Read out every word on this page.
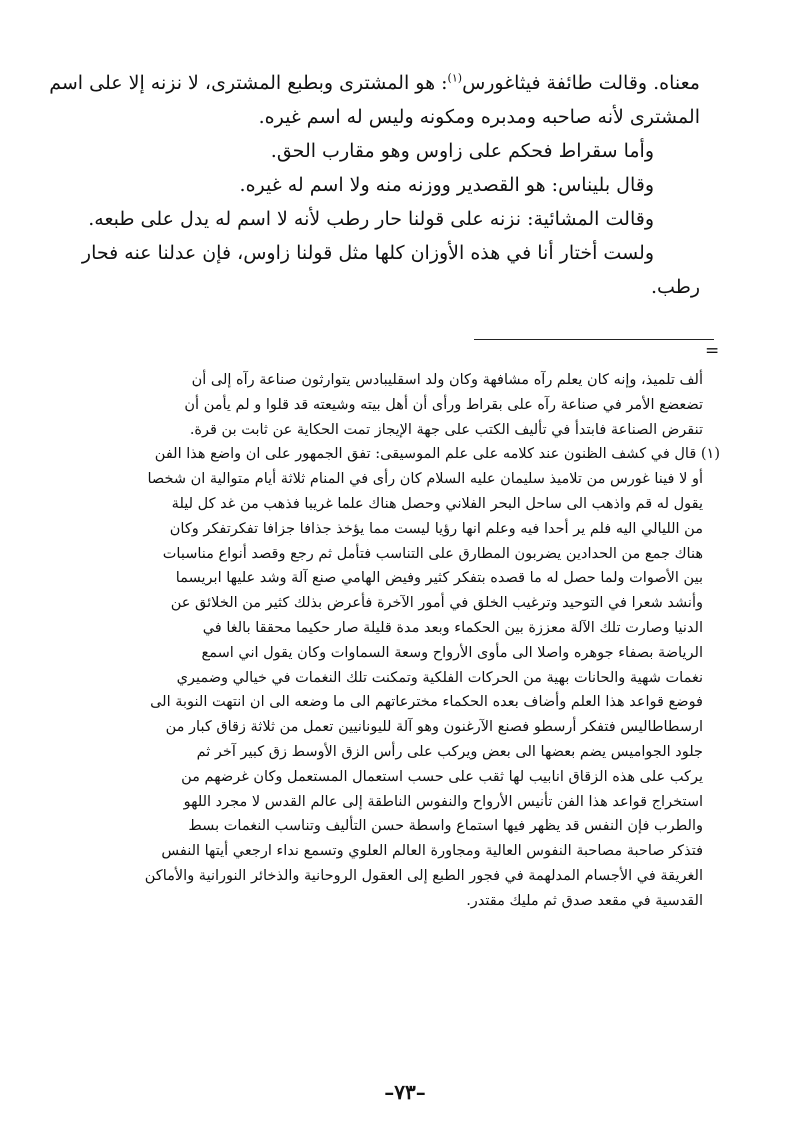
معناه. وقالت طائفة فيثاغورس$^{(١)}$: هو المشترى وبطبع المشترى، لا نزنه إلا على اسم
المشترى لأنه صاحبه ومدبره ومكونه وليس له اسم غيره.
وأما سقراط فحكم على زاوس وهو مقارب الحق.
وقال بليناس: هو القصدير ووزنه منه ولا اسم له غيره.
وقالت المشائية: نزنه على قولنا حار رطب لأنه لا اسم له يدل على طبعه.
ولست أختار أنا في هذه الأوزان كلها مثل قولنا زاوس، فإن عدلنا عنه فحار
رطب.
=
ألف تلميذ، وإنه كان يعلم رآه مشافهة وكان ولد اسقليبادس يتوارثون صناعة رآه إلى أن
تضعضع الأمر في صناعة رآه على بقراط ورأى أن أهل بيته وشيعته قد قلوا و لم يأمن أن
تنقرض الصناعة فابتدأ في تأليف الكتب على جهة الإيجاز تمت الحكاية عن ثابت بن قرة.
(١) قال في كشف الظنون عند كلامه على علم الموسيقى: تفق الجمهور على ان واضع هذا الفن
أو لا فينا غورس من تلاميذ سليمان عليه السلام كان رأى في المنام ثلاثة أيام متوالية ان شخصا
يقول له قم واذهب الى ساحل البحر الفلاني وحصل هناك علما غريبا فذهب من غد كل ليلة
من الليالي اليه فلم ير أحدا فيه وعلم انها رؤيا ليست مما يؤخذ جذافا جزافا تفكرتفكر وكان
هناك جمع من الحدادين يضربون المطارق على التناسب فتأمل ثم رجع وقصد أنواع مناسبات
بين الأصوات ولما حصل له ما قصده بتفكر كثير وفيض الهامي صنع آلة وشد عليها ابريسما
وأنشد شعرا في التوحيد وترغيب الخلق في أمور الآخرة فأعرض بذلك كثير من الخلائق عن
الدنيا وصارت تلك الآلة معززة بين الحكماء وبعد مدة قليلة صار حكيما محققا بالغا في
الرياضة بصفاء جوهره واصلا الى مأوى الأرواح وسعة السماوات وكان يقول اني اسمع
نغمات شهية والحانات بهية من الحركات الفلكية وتمكنت تلك النغمات في خيالي وضميري
فوضع قواعد هذا العلم وأضاف بعده الحكماء مخترعاتهم الى ما وضعه الى ان انتهت النوبة الى
ارسطاطاليس فتفكر أرسطو فصنع الآرغنون وهو آلة لليونانيين تعمل من ثلاثة زقاق كبار من
جلود الجواميس يضم بعضها الى بعض ويركب على رأس الزق الأوسط زق كبير آخر ثم
يركب على هذه الزقاق انابيب لها ثقب على حسب استعمال المستعمل وكان غرضهم من
استخراج قواعد هذا الفن تأنيس الأرواح والنفوس الناطقة إلى عالم القدس لا مجرد اللهو
والطرب فإن النفس قد يظهر فيها استماع واسطة حسن التأليف وتناسب النغمات بسط
فتذكر صاحبة مصاحبة النفوس العالية ومجاورة العالم العلوي وتسمع نداء ارجعي أيتها النفس
الغريقة في الأجسام المدلهمة في فجور الطبع إلى العقول الروحانية والذخائر النورانية والأماكن
القدسية في مقعد صدق ثم مليك مقتدر.
–٧٣–
